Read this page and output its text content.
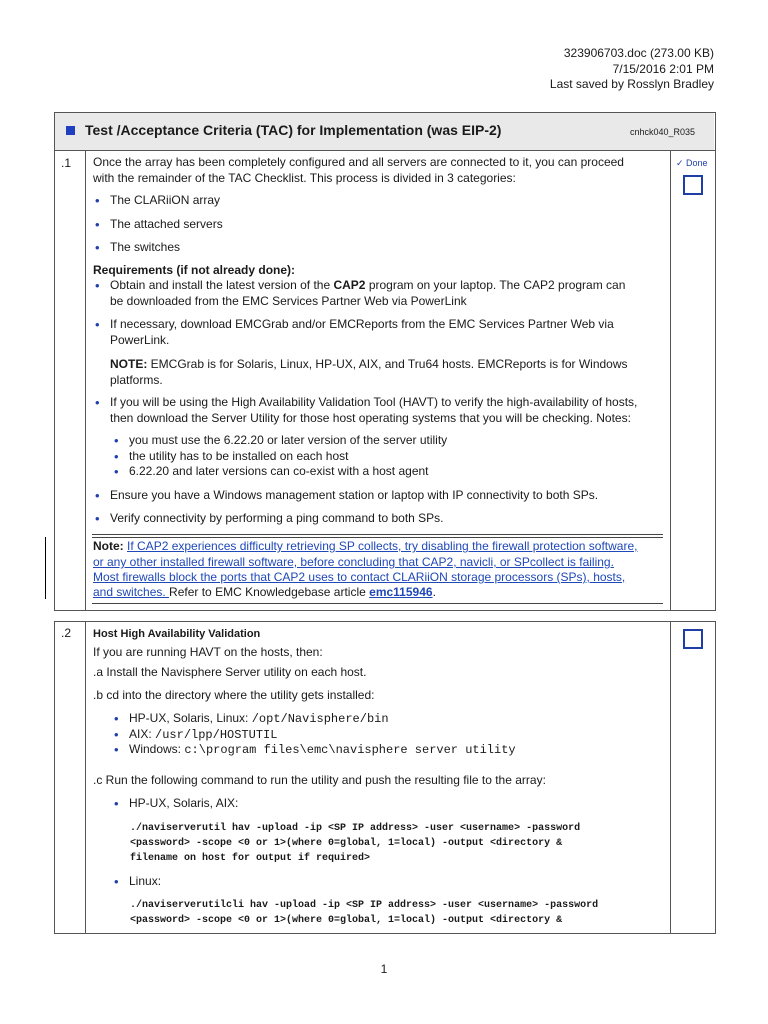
323906703.doc (273.00 KB)
7/15/2016 2:01 PM
Last saved by Rosslyn Bradley
Test /Acceptance Criteria (TAC) for Implementation (was EIP-2)	cnhck040_R035
.1	✓ Done
Once the array has been completely configured and all servers are connected to it, you can proceed
with the remainder of the TAC Checklist. This process is divided in 3 categories:
• The CLARiiON array
• The attached servers
• The switches
Requirements (if not already done):
• Obtain and install the latest version of the CAP2 program on your laptop. The CAP2 program can
be downloaded from the EMC Services Partner Web via PowerLink
• If necessary, download EMCGrab and/or EMCReports from the EMC Services Partner Web via
PowerLink.
NOTE: EMCGrab is for Solaris, Linux, HP-UX, AIX, and Tru64 hosts. EMCReports is for Windows
platforms.
• If you will be using the High Availability Validation Tool (HAVT) to verify the high-availability of hosts,
then download the Server Utility for those host operating systems that you will be checking. Notes:
• you must use the 6.22.20 or later version of the server utility
• the utility has to be installed on each host
• 6.22.20 and later versions can co-exist with a host agent
• Ensure you have a Windows management station or laptop with IP connectivity to both SPs.
• Verify connectivity by performing a ping command to both SPs.
Note: If CAP2 experiences difficulty retrieving SP collects, try disabling the firewall protection software,
or any other installed firewall software, before concluding that CAP2, navicli, or SPcollect is failing.
Most firewalls block the ports that CAP2 uses to contact CLARiiON storage processors (SPs), hosts,
and switches. Refer to EMC Knowledgebase article emc115946.
.2 Host High Availability Validation
If you are running HAVT on the hosts, then:
.a Install the Navisphere Server utility on each host.
.b cd into the directory where the utility gets installed:
• HP-UX, Solaris, Linux: /opt/Navisphere/bin
• AIX: /usr/lpp/HOSTUTIL
• Windows: c:\program files\emc\navisphere server utility
.c Run the following command to run the utility and push the resulting file to the array:
• HP-UX, Solaris, AIX:
./naviserverutil hav -upload -ip <SP IP address> -user <username> -password
<password> -scope <0 or 1>(where 0=global, 1=local) -output <directory &
filename on host for output if required>
• Linux:
./naviserverutilcli hav -upload -ip <SP IP address> -user <username> -password
<password> -scope <0 or 1>(where 0=global, 1=local) -output <directory &
1
